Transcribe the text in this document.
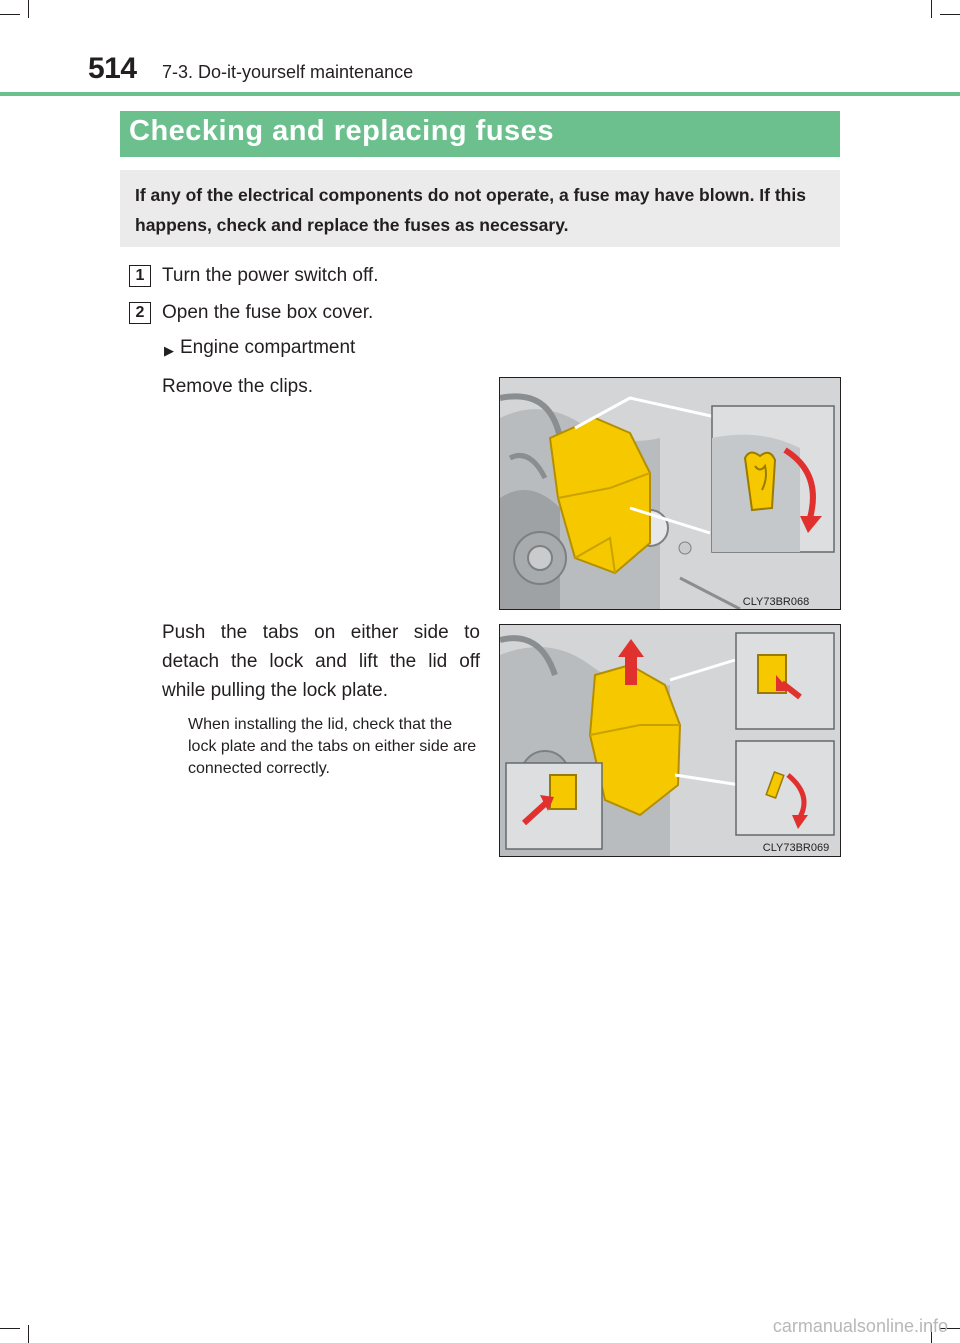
514 7-3. Do-it-yourself maintenance
Checking and replacing fuses
If any of the electrical components do not operate, a fuse may have blown. If this happens, check and replace the fuses as necessary.
1 Turn the power switch off.
2 Open the fuse box cover.
▶ Engine compartment
Remove the clips.
Push the tabs on either side to detach the lock and lift the lid off while pulling the lock plate.
When installing the lid, check that the lock plate and the tabs on either side are connected correctly.
CLY73BR068
CLY73BR069
carmanualsonline.info
